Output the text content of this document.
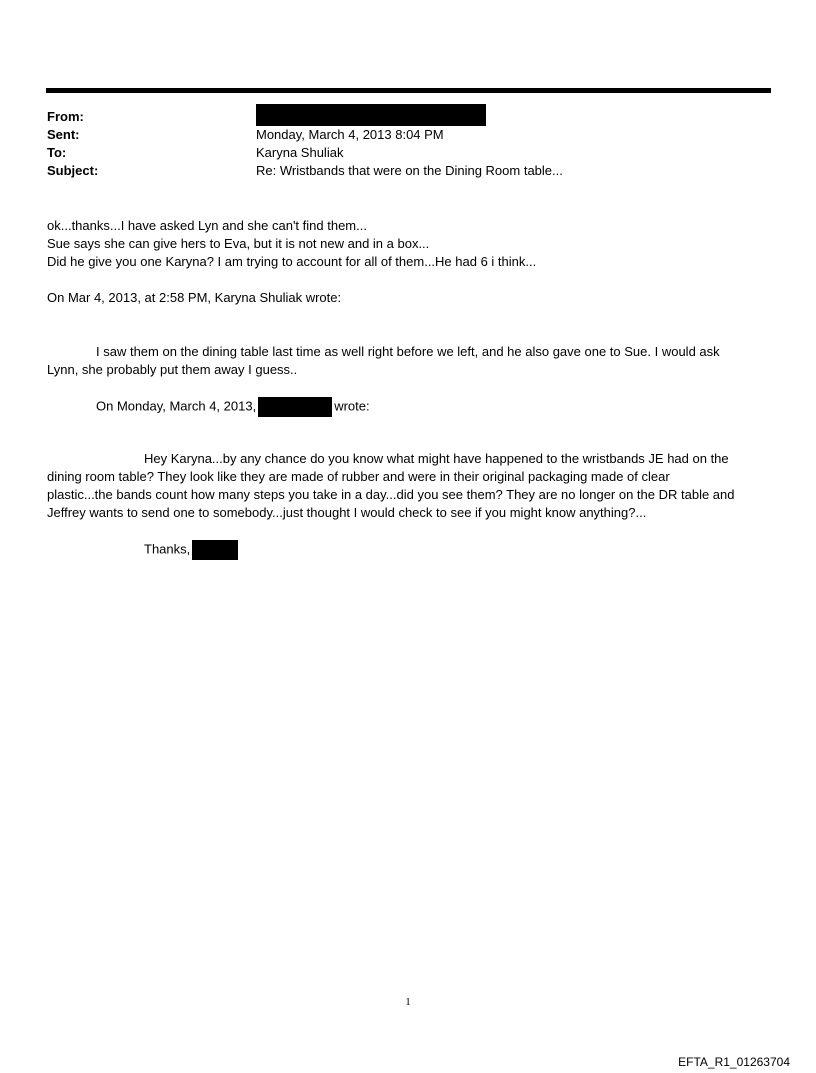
From:
Sent:	Monday, March 4, 2013 8:04 PM
To:	Karyna Shuliak
Subject:	Re: Wristbands that were on the Dining Room table...
ok...thanks...I have asked Lyn and she can't find them...
Sue says she can give hers to Eva, but it is not new and in a box...
Did he give you one Karyna? I am trying to account for all of them...He had 6 i think...
On Mar 4, 2013, at 2:58 PM, Karyna Shuliak wrote:
I saw them on the dining table last time as well right before we left, and he also gave one to Sue. I would ask
Lynn, she probably put them away I guess..
On Monday, March 4, 2013,	wrote:
Hey Karyna...by any chance do you know what might have happened to the wristbands JE had on the
dining room table? They look like they are made of rubber and were in their original packaging made of clear
plastic...the bands count how many steps you take in a day...did you see them? They are no longer on the DR table and
Jeffrey wants to send one to somebody...just thought I would check to see if you might know anything?...
Thanks,
1
EFTA_R1_01263704
